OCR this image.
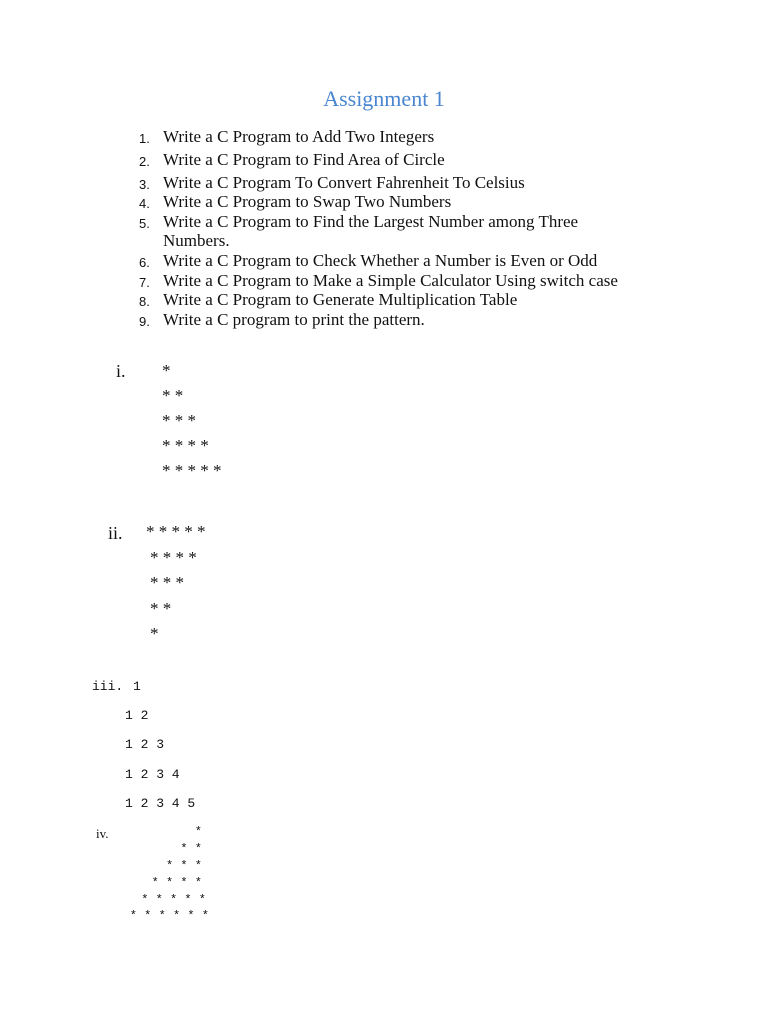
Assignment 1
1. Write a C Program to Add Two Integers
2. Write a C Program to Find Area of Circle
3. Write a C Program To Convert Fahrenheit To Celsius
4. Write a C Program to Swap Two Numbers
5. Write a C Program to Find the Largest Number among Three Numbers.
6. Write a C Program to Check Whether a Number is Even or Odd
7. Write a C Program to Make a Simple Calculator Using switch case
8. Write a C Program to Generate Multiplication Table
9. Write a C program to print the pattern.
i. *
* *
* * *
* * * *
* * * * *
ii. * * * * *
* * * *
* * *
* *
*
iii. 1
1 2
1 2 3
1 2 3 4
1 2 3 4 5
iv.	*
* *
* * *
* * * *
* * * * *
* * * * * *
